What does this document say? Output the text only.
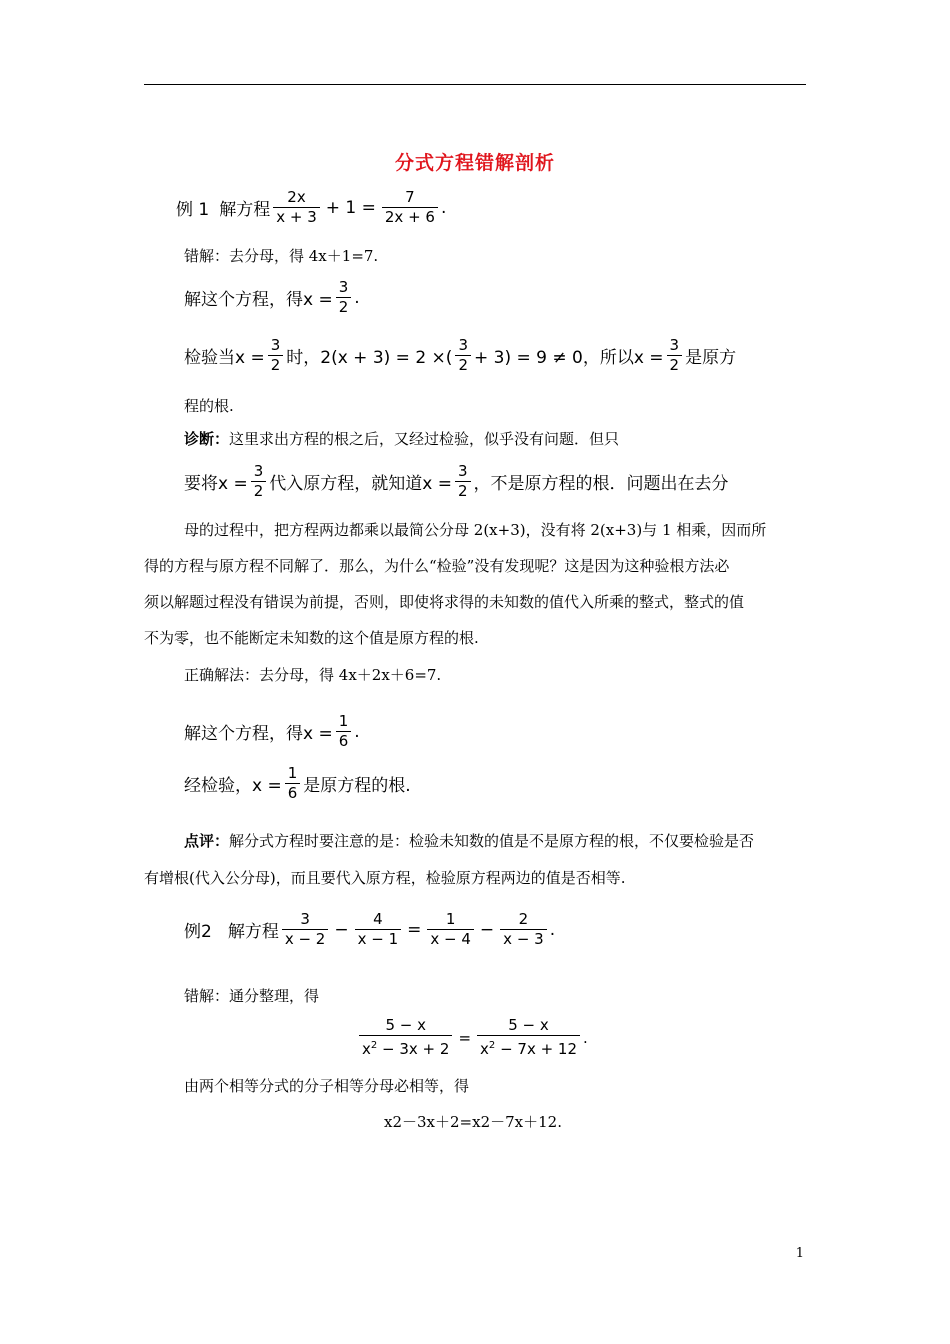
分式方程错解剖析
例 1 解方程 $\frac{2x}{x + 3} + 1 = \frac{7}{2x + 6}$ .
错解：去分母，得 4x＋1=7.
解这个方程，得$x = \frac{3}{2}$ .
检验当$x = \frac{3}{2}$ 时，2(x + 3) = 2 ×( $\frac{3}{2} + 3) = 9 \ne 0$，所以$x = \frac{3}{2}$ 是原方
程的根.
诊断：这里求出方程的根之后，又经过检验，似乎没有问题．但只
要将$x = \frac{3}{2}$ 代入原方程，就知道$x = \frac{3}{2}$ ，不是原方程的根．问题出在去分
母的过程中，把方程两边都乘以最简公分母 2(x+3)，没有将 2(x+3)与 1 相乘，因而所
得的方程与原方程不同解了．那么，为什么“检验”没有发现呢？这是因为这种验根方法必
须以解题过程没有错误为前提，否则，即使将求得的未知数的值代入所乘的整式，整式的值
不为零，也不能断定未知数的这个值是原方程的根.
正确解法：去分母，得 4x＋2x＋6=7.
解这个方程，得$x = \frac{1}{6}$ .
经检验，$x = \frac{1}{6}$ 是原方程的根.
点评：解分式方程时要注意的是：检验未知数的值是不是原方程的根，不仅要检验是否
有增根(代入公分母)，而且要代入原方程，检验原方程两边的值是否相等.
例2 解方程 $\frac{3}{x - 2} - \frac{4}{x - 1} = \frac{1}{x - 4} - \frac{2}{x - 3}$ .
错解：通分整理，得
$\frac{5 - x}{x^2 - 3x + 2} = \frac{5 - x}{x^2 - 7x + 12}$ .
由两个相等分式的分子相等分母必相等，得
x2－3x＋2=x2－7x＋12.
1
